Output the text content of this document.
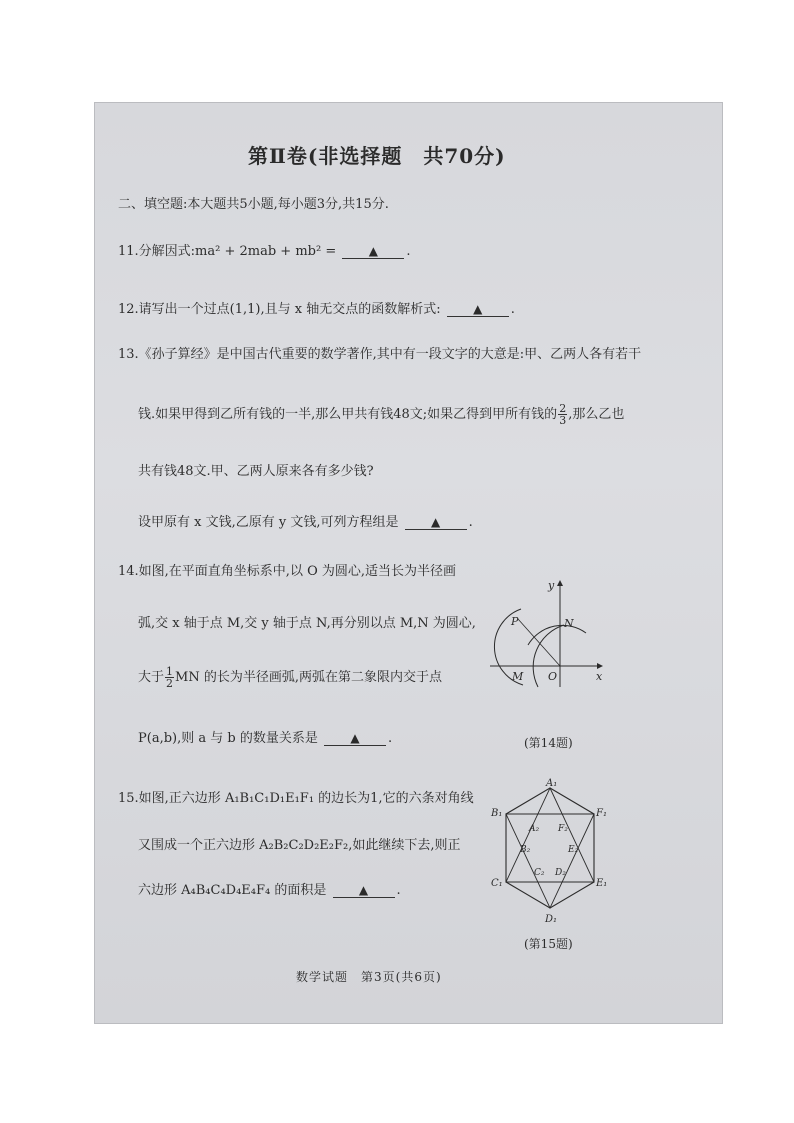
第Ⅱ卷(非选择题　共70分)
二、填空题:本大题共5小题,每小题3分,共15分.
11.分解因式:ma² + 2mab + mb² =	▲ .
12.请写出一个过点(1,1),且与 x 轴无交点的函数解析式:	▲ .
13.《孙子算经》是中国古代重要的数学著作,其中有一段文字的大意是:甲、乙两人各有若干
钱.如果甲得到乙所有钱的一半,那么甲共有钱48文;如果乙得到甲所有钱的 $\frac{2}{3}$ ,那么乙也
共有钱48文.甲、乙两人原来各有多少钱?
设甲原有 x 文钱,乙原有 y 文钱,可列方程组是	▲ .
14.如图,在平面直角坐标系中,以 O 为圆心,适当长为半径画
弧,交 x 轴于点 M,交 y 轴于点 N,再分别以点 M,N 为圆心,
大于 $\frac{1}{2}$ MN 的长为半径画弧,两弧在第二象限内交于点
P(a,b),则 a 与 b 的数量关系是	▲ .
y
x
P	N
M O
(第14题)
15.如图,正六边形 A₁B₁C₁D₁E₁F₁ 的边长为1,它的六条对角线
又围成一个正六边形 A₂B₂C₂D₂E₂F₂,如此继续下去,则正
六边形 A₄B₄C₄D₄E₄F₄ 的面积是	▲ .
A₁
B₁
C₁
D₁
E₁
F₁
A₂ F₂
B₂	E₂
C₂ D₂
(第15题)
数学试题　第3页(共6页)
